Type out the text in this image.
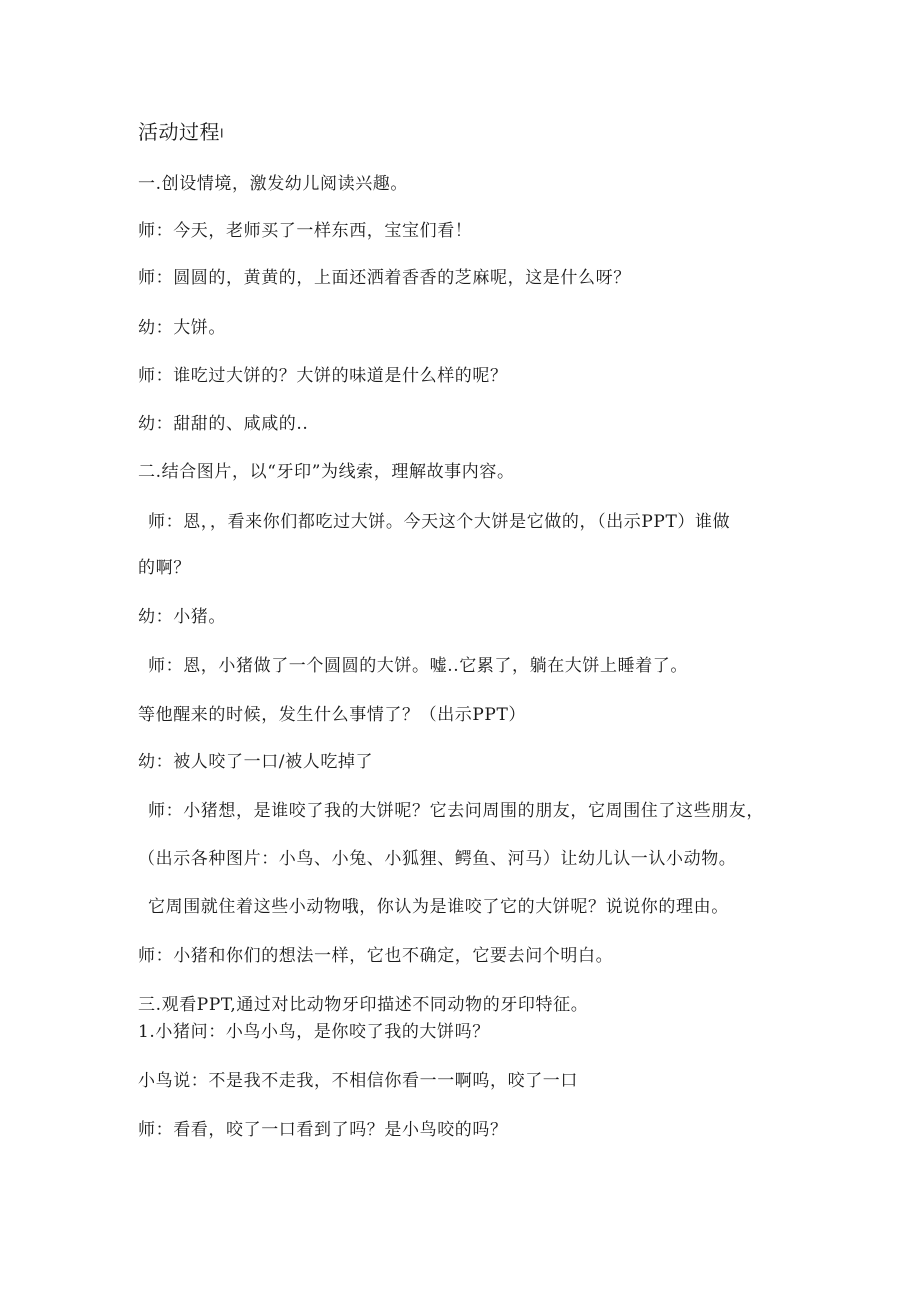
活动过程I
一.创设情境，激发幼儿阅读兴趣。
师：今天，老师买了一样东西，宝宝们看！
师：圆圆的，黄黄的，上面还洒着香香的芝麻呢，这是什么呀？
幼：大饼。
师：谁吃过大饼的？大饼的味道是什么样的呢？
幼：甜甜的、咸咸的..
二.结合图片，以“牙印”为线索，理解故事内容。
师：恩，，看来你们都吃过大饼。今天这个大饼是它做的，（出示PPT）谁做
的啊？
幼：小猪。
师：恩，小猪做了一个圆圆的大饼。嘘..它累了，躺在大饼上睡着了。
等他醒来的时候，发生什么事情了？（出示PPT）
幼：被人咬了一口/被人吃掉了
师：小猪想，是谁咬了我的大饼呢？它去问周围的朋友，它周围住了这些朋友，
（出示各种图片：小鸟、小兔、小狐狸、鳄鱼、河马）让幼儿认一认小动物。
它周围就住着这些小动物哦，你认为是谁咬了它的大饼呢？说说你的理由。
师：小猪和你们的想法一样，它也不确定，它要去问个明白。
三.观看PPT,通过对比动物牙印描述不同动物的牙印特征。
1.小猪问：小鸟小鸟，是你咬了我的大饼吗？
小鸟说：不是我不走我，不相信你看一一啊呜，咬了一口
师：看看，咬了一口看到了吗？是小鸟咬的吗？
